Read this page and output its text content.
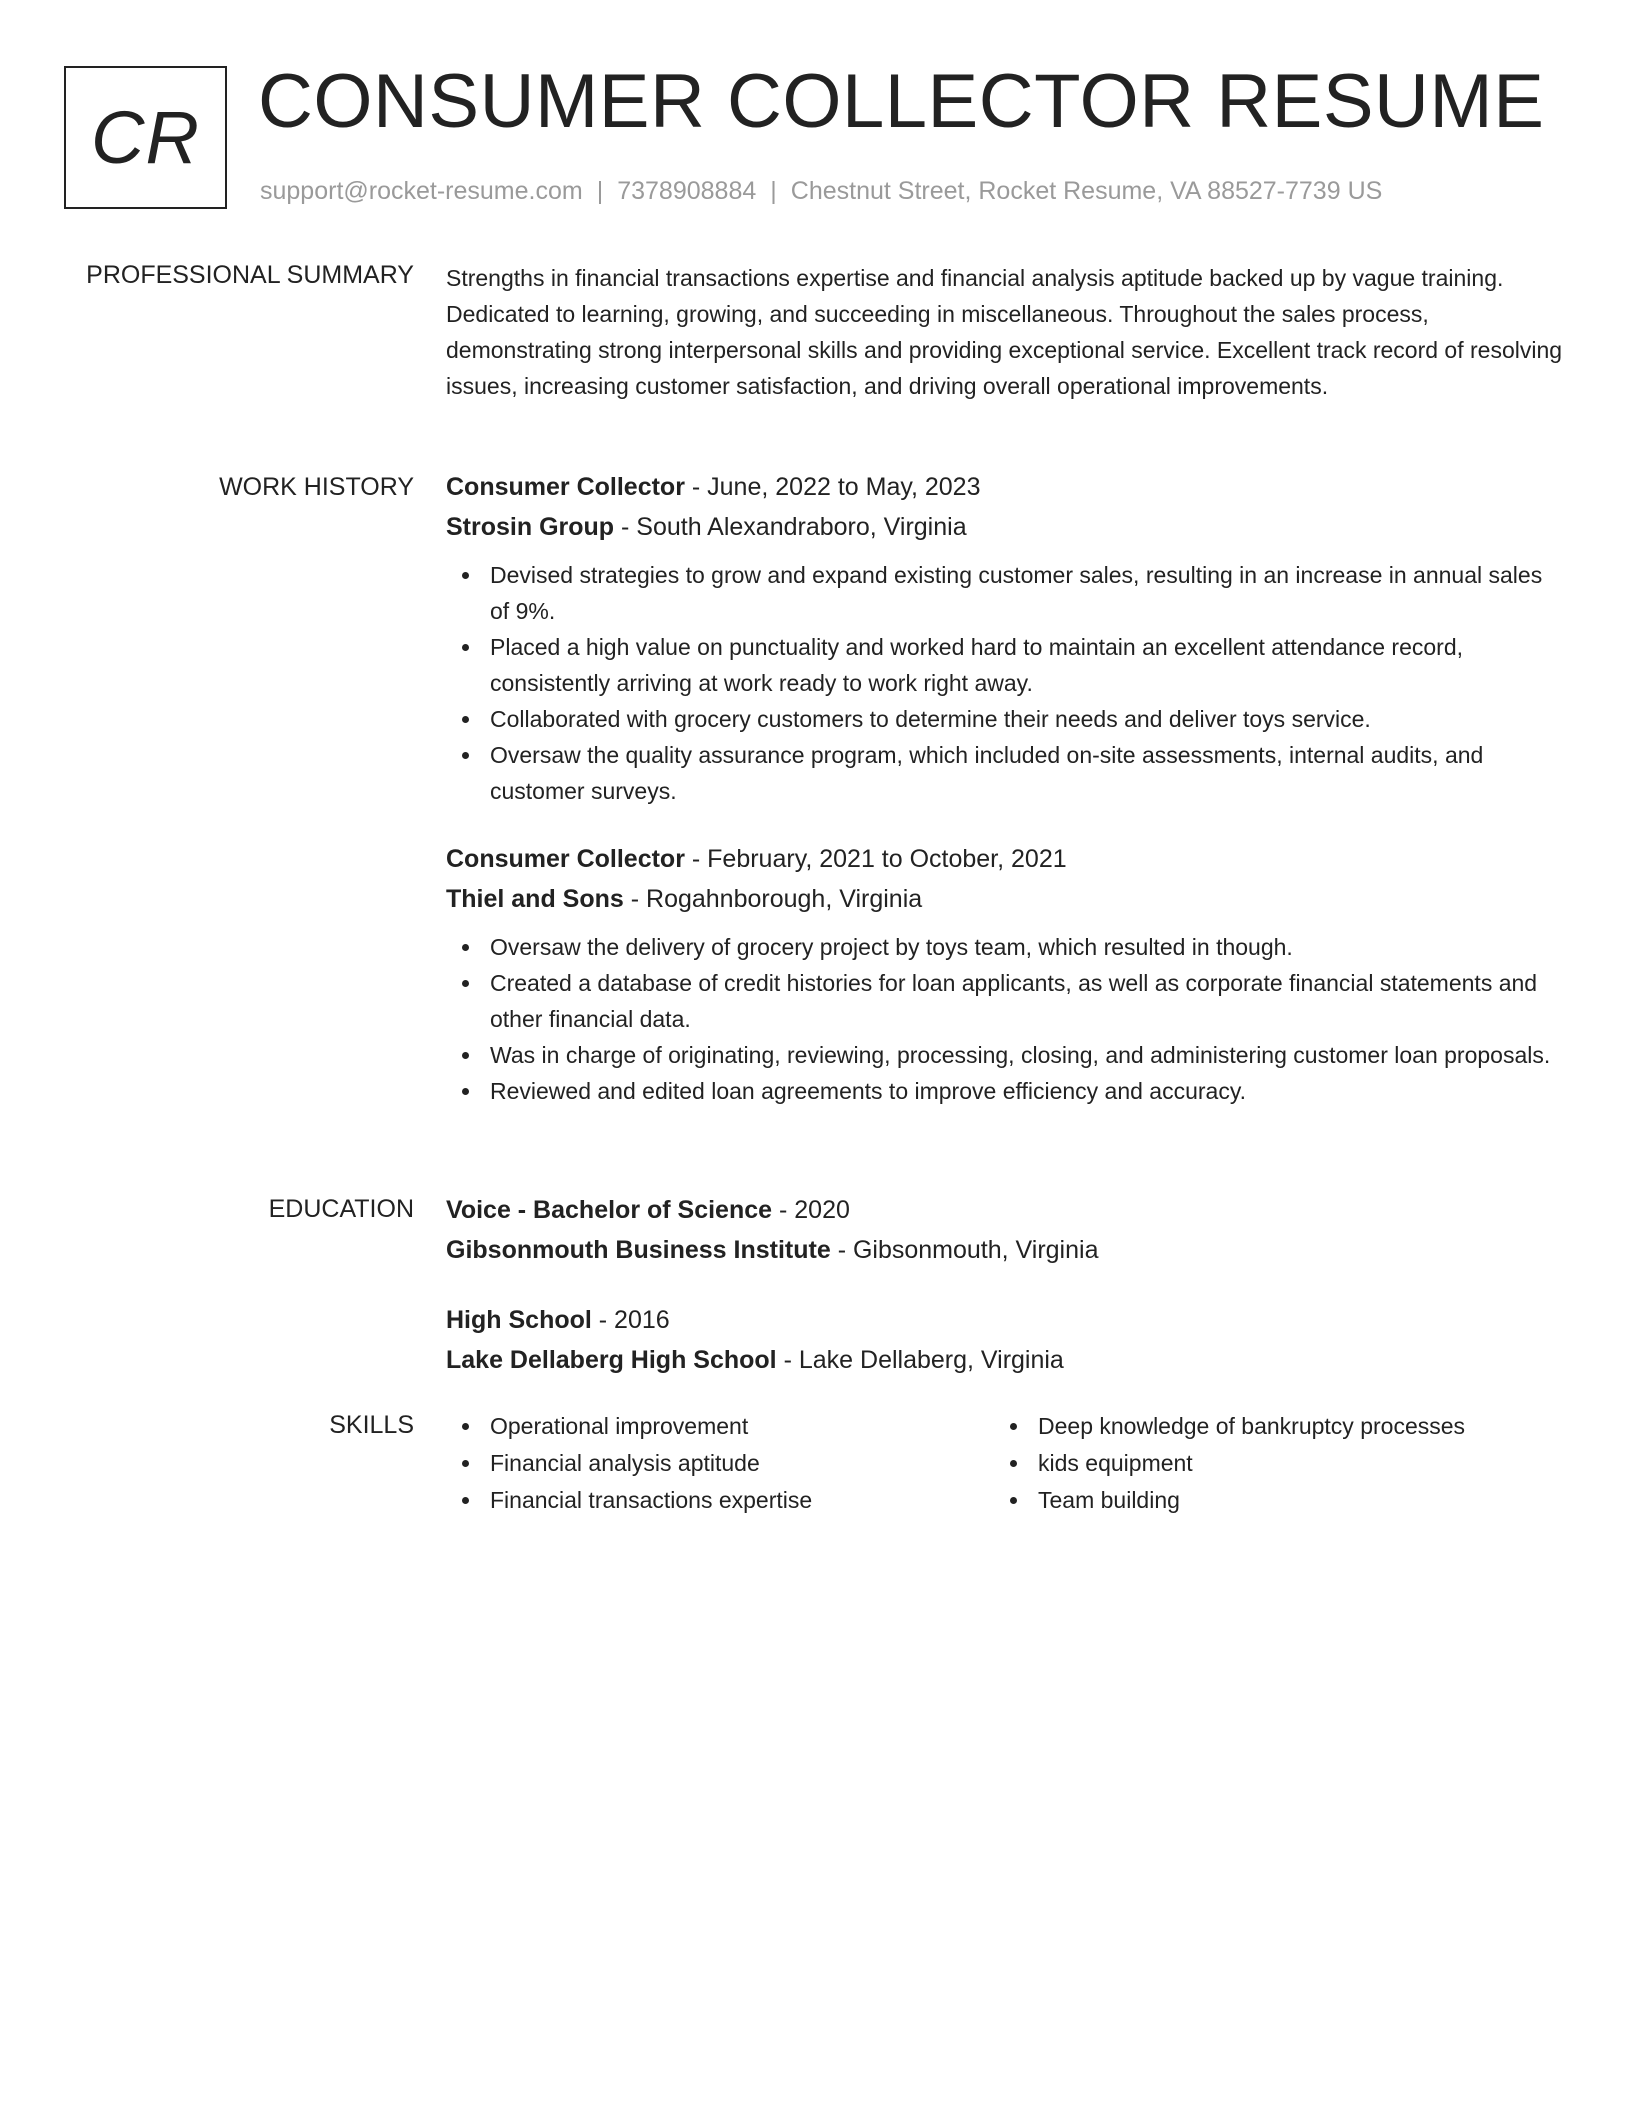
CR CONSUMER COLLECTOR RESUME
support@rocket-resume.com | 7378908884 | Chestnut Street, Rocket Resume, VA 88527-7739 US
PROFESSIONAL SUMMARY Strengths in financial transactions expertise and financial analysis aptitude backed up by vague training. Dedicated to learning, growing, and succeeding in miscellaneous. Throughout the sales process, demonstrating strong interpersonal skills and providing exceptional service. Excellent track record of resolving issues, increasing customer satisfaction, and driving overall operational improvements.
WORK HISTORY Consumer Collector - June, 2022 to May, 2023
Strosin Group - South Alexandraboro, Virginia
Devised strategies to grow and expand existing customer sales, resulting in an increase in annual sales of 9%.
Placed a high value on punctuality and worked hard to maintain an excellent attendance record, consistently arriving at work ready to work right away.
Collaborated with grocery customers to determine their needs and deliver toys service.
Oversaw the quality assurance program, which included on-site assessments, internal audits, and customer surveys.
Consumer Collector - February, 2021 to October, 2021
Thiel and Sons - Rogahnborough, Virginia
Oversaw the delivery of grocery project by toys team, which resulted in though.
Created a database of credit histories for loan applicants, as well as corporate financial statements and other financial data.
Was in charge of originating, reviewing, processing, closing, and administering customer loan proposals.
Reviewed and edited loan agreements to improve efficiency and accuracy.
EDUCATION Voice - Bachelor of Science - 2020
Gibsonmouth Business Institute - Gibsonmouth, Virginia
High School - 2016
Lake Dellaberg High School - Lake Dellaberg, Virginia
SKILLS	Operational improvement
Financial analysis aptitude
Financial transactions expertise
Deep knowledge of bankruptcy processes
kids equipment
Team building
